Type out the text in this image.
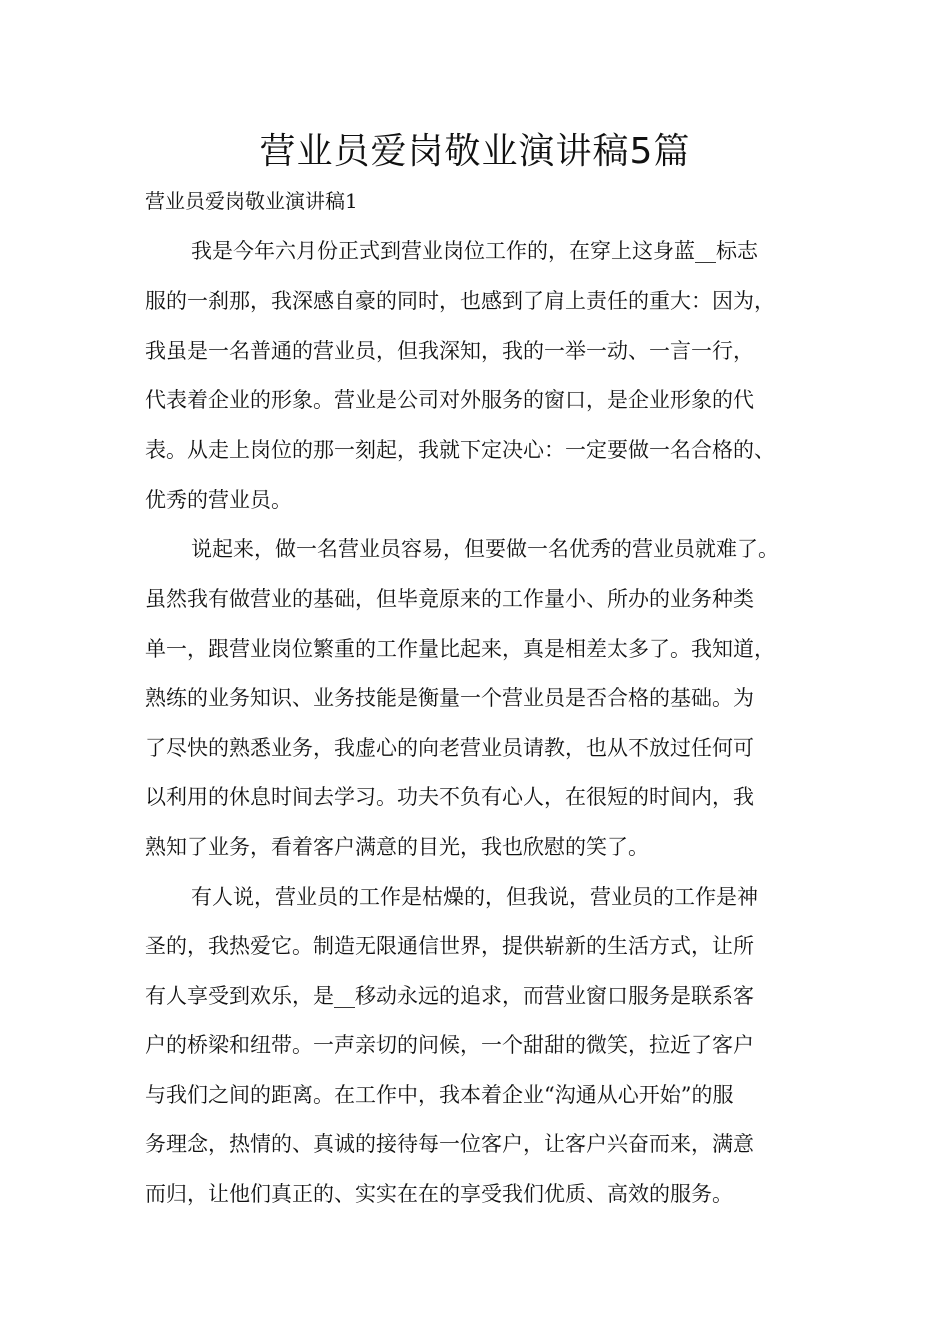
营业员爱岗敬业演讲稿5篇
营业员爱岗敬业演讲稿1
我是今年六月份正式到营业岗位工作的，在穿上这身蓝__标志
服的一刹那，我深感自豪的同时，也感到了肩上责任的重大：因为，
我虽是一名普通的营业员，但我深知，我的一举一动、一言一行，
代表着企业的形象。营业是公司对外服务的窗口，是企业形象的代
表。从走上岗位的那一刻起，我就下定决心：一定要做一名合格的、
优秀的营业员。
说起来，做一名营业员容易，但要做一名优秀的营业员就难了。
虽然我有做营业的基础，但毕竟原来的工作量小、所办的业务种类
单一，跟营业岗位繁重的工作量比起来，真是相差太多了。我知道，
熟练的业务知识、业务技能是衡量一个营业员是否合格的基础。为
了尽快的熟悉业务，我虚心的向老营业员请教，也从不放过任何可
以利用的休息时间去学习。功夫不负有心人，在很短的时间内，我
熟知了业务，看着客户满意的目光，我也欣慰的笑了。
有人说，营业员的工作是枯燥的，但我说，营业员的工作是神
圣的，我热爱它。制造无限通信世界，提供崭新的生活方式，让所
有人享受到欢乐，是__移动永远的追求，而营业窗口服务是联系客
户的桥梁和纽带。一声亲切的问候，一个甜甜的微笑，拉近了客户
与我们之间的距离。在工作中，我本着企业“沟通从心开始”的服
务理念，热情的、真诚的接待每一位客户，让客户兴奋而来，满意
而归，让他们真正的、实实在在的享受我们优质、高效的服务。
